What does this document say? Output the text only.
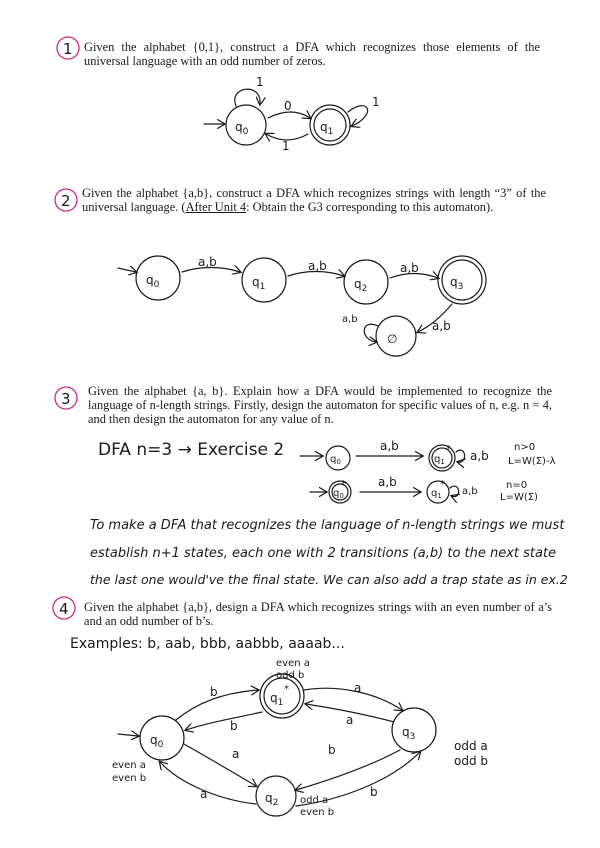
Given the alphabet {0,1}, construct a DFA which recognizes those elements of the universal language with an odd number of zeros.
Given the alphabet {a,b}, construct a DFA which recognizes strings with length “3” of the universal language. (After Unit 4: Obtain the G3 corresponding to this automaton).
Given the alphabet {a, b}. Explain how a DFA would be implemented to recognize the language of n-length strings. Firstly, design the automaton for specific values of n, e.g. n = 4, and then design the automaton for any value of n.
Given the alphabet {a,b}, design a DFA which recognizes strings with an even number of a’s and an odd number of b’s.
1
2
3
4
$q_0$
1
0
1
$q_1$
1
$q_0$
a,b
$q_1$
a,b
$q_2$
a,b
$q_3$
a,b
∅
a,b
$q_0$
a,b
$q_1$
* a,b
n>0
L=W(Σ)-λ
$q_0$
*	a,b
$q_1$
*
a,b
n=0
L=W(Σ)
$q_0$
$q_1$
*
$q_3$
$q_2$
b
b
a
a
a
a
b
b
even a
odd b
odd a
odd b
even a
even b
odd a
even b
DFA n=3 → Exercise 2
To make a DFA that recognizes the language of n-length strings we must
establish n+1 states, each one with 2 transitions (a,b) to the next state
the last one would've the final state. We can also add a trap state as in ex.2
Examples: b, aab, bbb, aabbb, aaaab...
